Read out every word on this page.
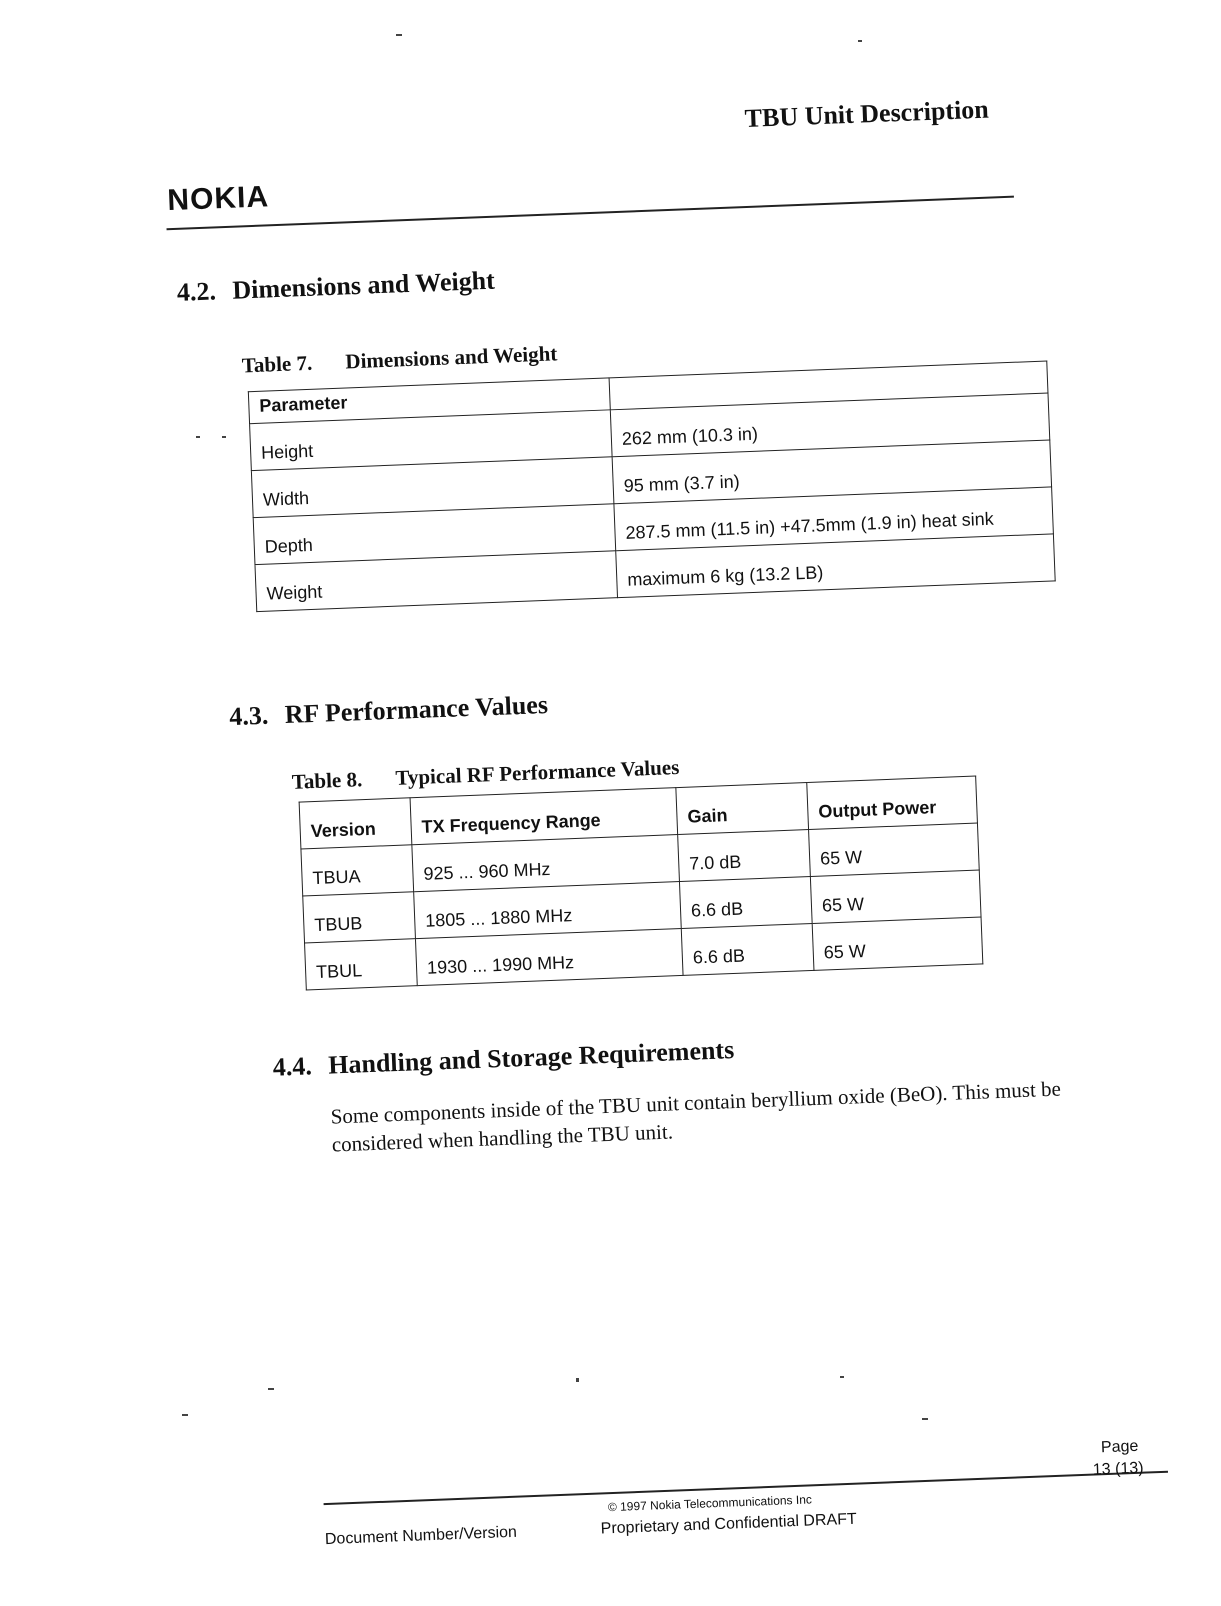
NOKIA
TBU Unit Description
4.2. Dimensions and Weight
Table 7. Dimensions and Weight
Parameter	
Height	262 mm (10.3 in)
Width	95 mm (3.7 in)
Depth	287.5 mm (11.5 in) +47.5mm (1.9 in) heat sink
Weight	maximum 6 kg (13.2 LB)
4.3. RF Performance Values
Table 8. Typical RF Performance Values
Version	TX Frequency Range	Gain	Output Power
TBUA	925 ... 960 MHz	7.0 dB	65 W
TBUB	1805 ... 1880 MHz	6.6 dB	65 W
TBUL	1930 ... 1990 MHz	6.6 dB	65 W
4.4. Handling and Storage Requirements
Some components inside of the TBU unit contain beryllium oxide (BeO). This must be considered when handling the TBU unit.
Document Number/Version
© 1997 Nokia Telecommunications Inc
Proprietary and Confidential DRAFT
Page
13 (13)
